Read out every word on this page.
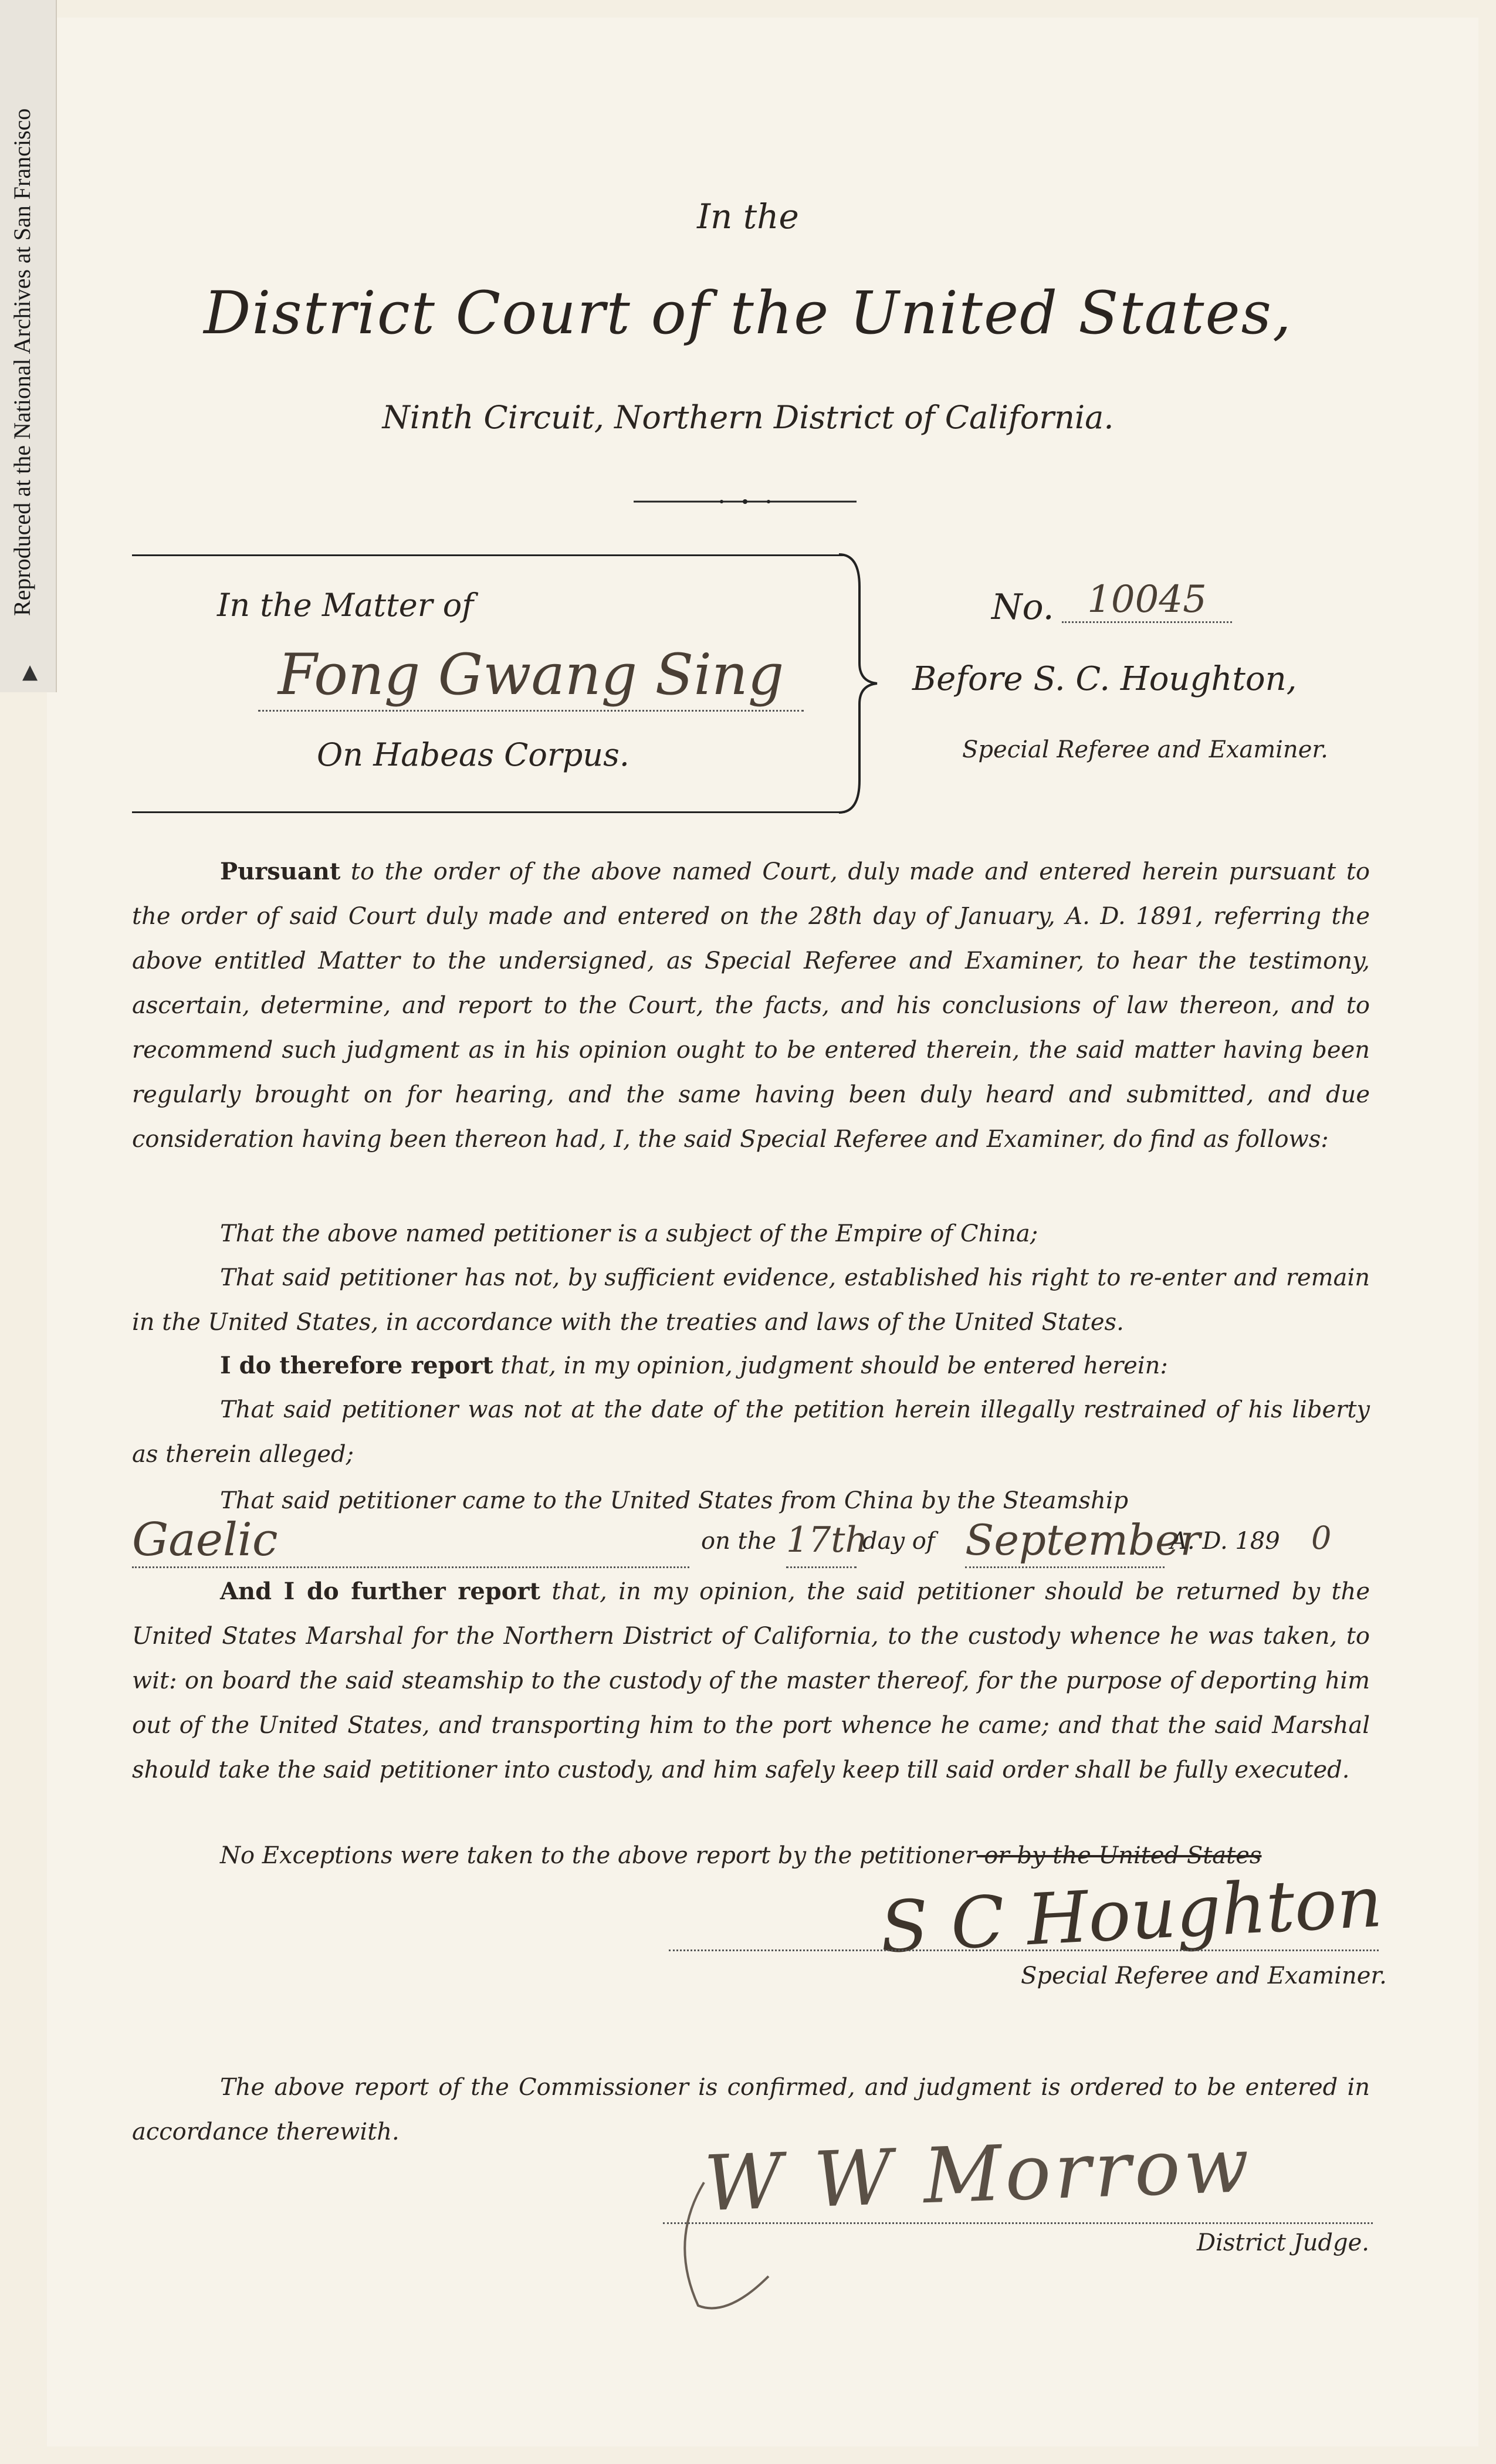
Reproduced at the National Archives at San Francisco
▲
In the
District Court of the United States,
Ninth Circuit, Northern District of California.
In the Matter of
Fong Gwang Sing
On Habeas Corpus.
No. 10045
Before S. C. Houghton,
Special Referee and Examiner.
Pursuant to the order of the above named Court, duly made and entered herein pursuant to the order of said Court duly made and entered on the 28th day of January, A. D. 1891, referring the above entitled Matter to the undersigned, as Special Referee and Examiner, to hear the testimony, ascertain, determine, and report to the Court, the facts, and his conclusions of law thereon, and to recommend such judgment as in his opinion ought to be entered therein, the said matter having been regularly brought on for hearing, and the same having been duly heard and submitted, and due consideration having been thereon had, I, the said Special Referee and Examiner, do find as follows:
That the above named petitioner is a subject of the Empire of China;
That said petitioner has not, by sufficient evidence, established his right to re-enter and remain in the United States, in accordance with the treaties and laws of the United States.
I do therefore report that, in my opinion, judgment should be entered herein:
That said petitioner was not at the date of the petition herein illegally restrained of his liberty as therein alleged;
That said petitioner came to the United States from China by the Steamship
Gaelic	on the 17th
day of September
A. D. 189 0
And I do further report that, in my opinion, the said petitioner should be returned by the United States Marshal for the Northern District of California, to the custody whence he was taken, to wit: on board the said steamship to the custody of the master thereof, for the purpose of deporting him out of the United States, and transporting him to the port whence he came; and that the said Marshal should take the said petitioner into custody, and him safely keep till said order shall be fully executed.
No Exceptions were taken to the above report by the petitioner or by the United States
S C Houghton
Special Referee and Examiner.
The above report of the Commissioner is confirmed, and judgment is ordered to be entered in accordance therewith.	W W Morrow
District Judge.
